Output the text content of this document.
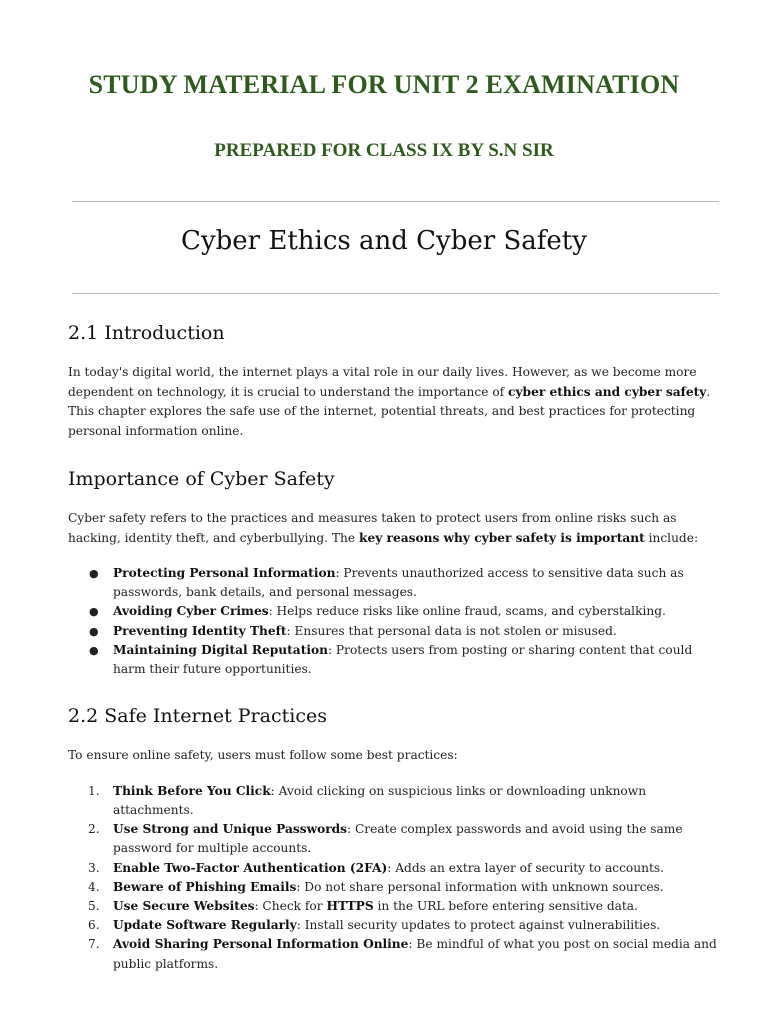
STUDY MATERIAL FOR UNIT 2 EXAMINATION
PREPARED FOR CLASS IX BY S.N SIR
Cyber Ethics and Cyber Safety
2.1 Introduction

In today's digital world, the internet plays a vital role in our daily lives. However, as we become more dependent on technology, it is crucial to understand the importance of cyber ethics and cyber safety. This chapter explores the safe use of the internet, potential threats, and best practices for protecting personal information online.

Importance of Cyber Safety

Cyber safety refers to the practices and measures taken to protect users from online risks such as hacking, identity theft, and cyberbullying. The key reasons why cyber safety is important include:

● Protecting Personal Information: Prevents unauthorized access to sensitive data such as passwords, bank details, and personal messages.
● Avoiding Cyber Crimes: Helps reduce risks like online fraud, scams, and cyberstalking.
● Preventing Identity Theft: Ensures that personal data is not stolen or misused.
● Maintaining Digital Reputation: Protects users from posting or sharing content that could harm their future opportunities.
2.2 Safe Internet Practices

To ensure online safety, users must follow some best practices:

1. Think Before You Click: Avoid clicking on suspicious links or downloading unknown attachments.
2. Use Strong and Unique Passwords: Create complex passwords and avoid using the same password for multiple accounts.
3. Enable Two-Factor Authentication (2FA): Adds an extra layer of security to accounts.
4. Beware of Phishing Emails: Do not share personal information with unknown sources.
5. Use Secure Websites: Check for HTTPS in the URL before entering sensitive data.
6. Update Software Regularly: Install security updates to protect against vulnerabilities.
7. Avoid Sharing Personal Information Online: Be mindful of what you post on social media and public platforms.
